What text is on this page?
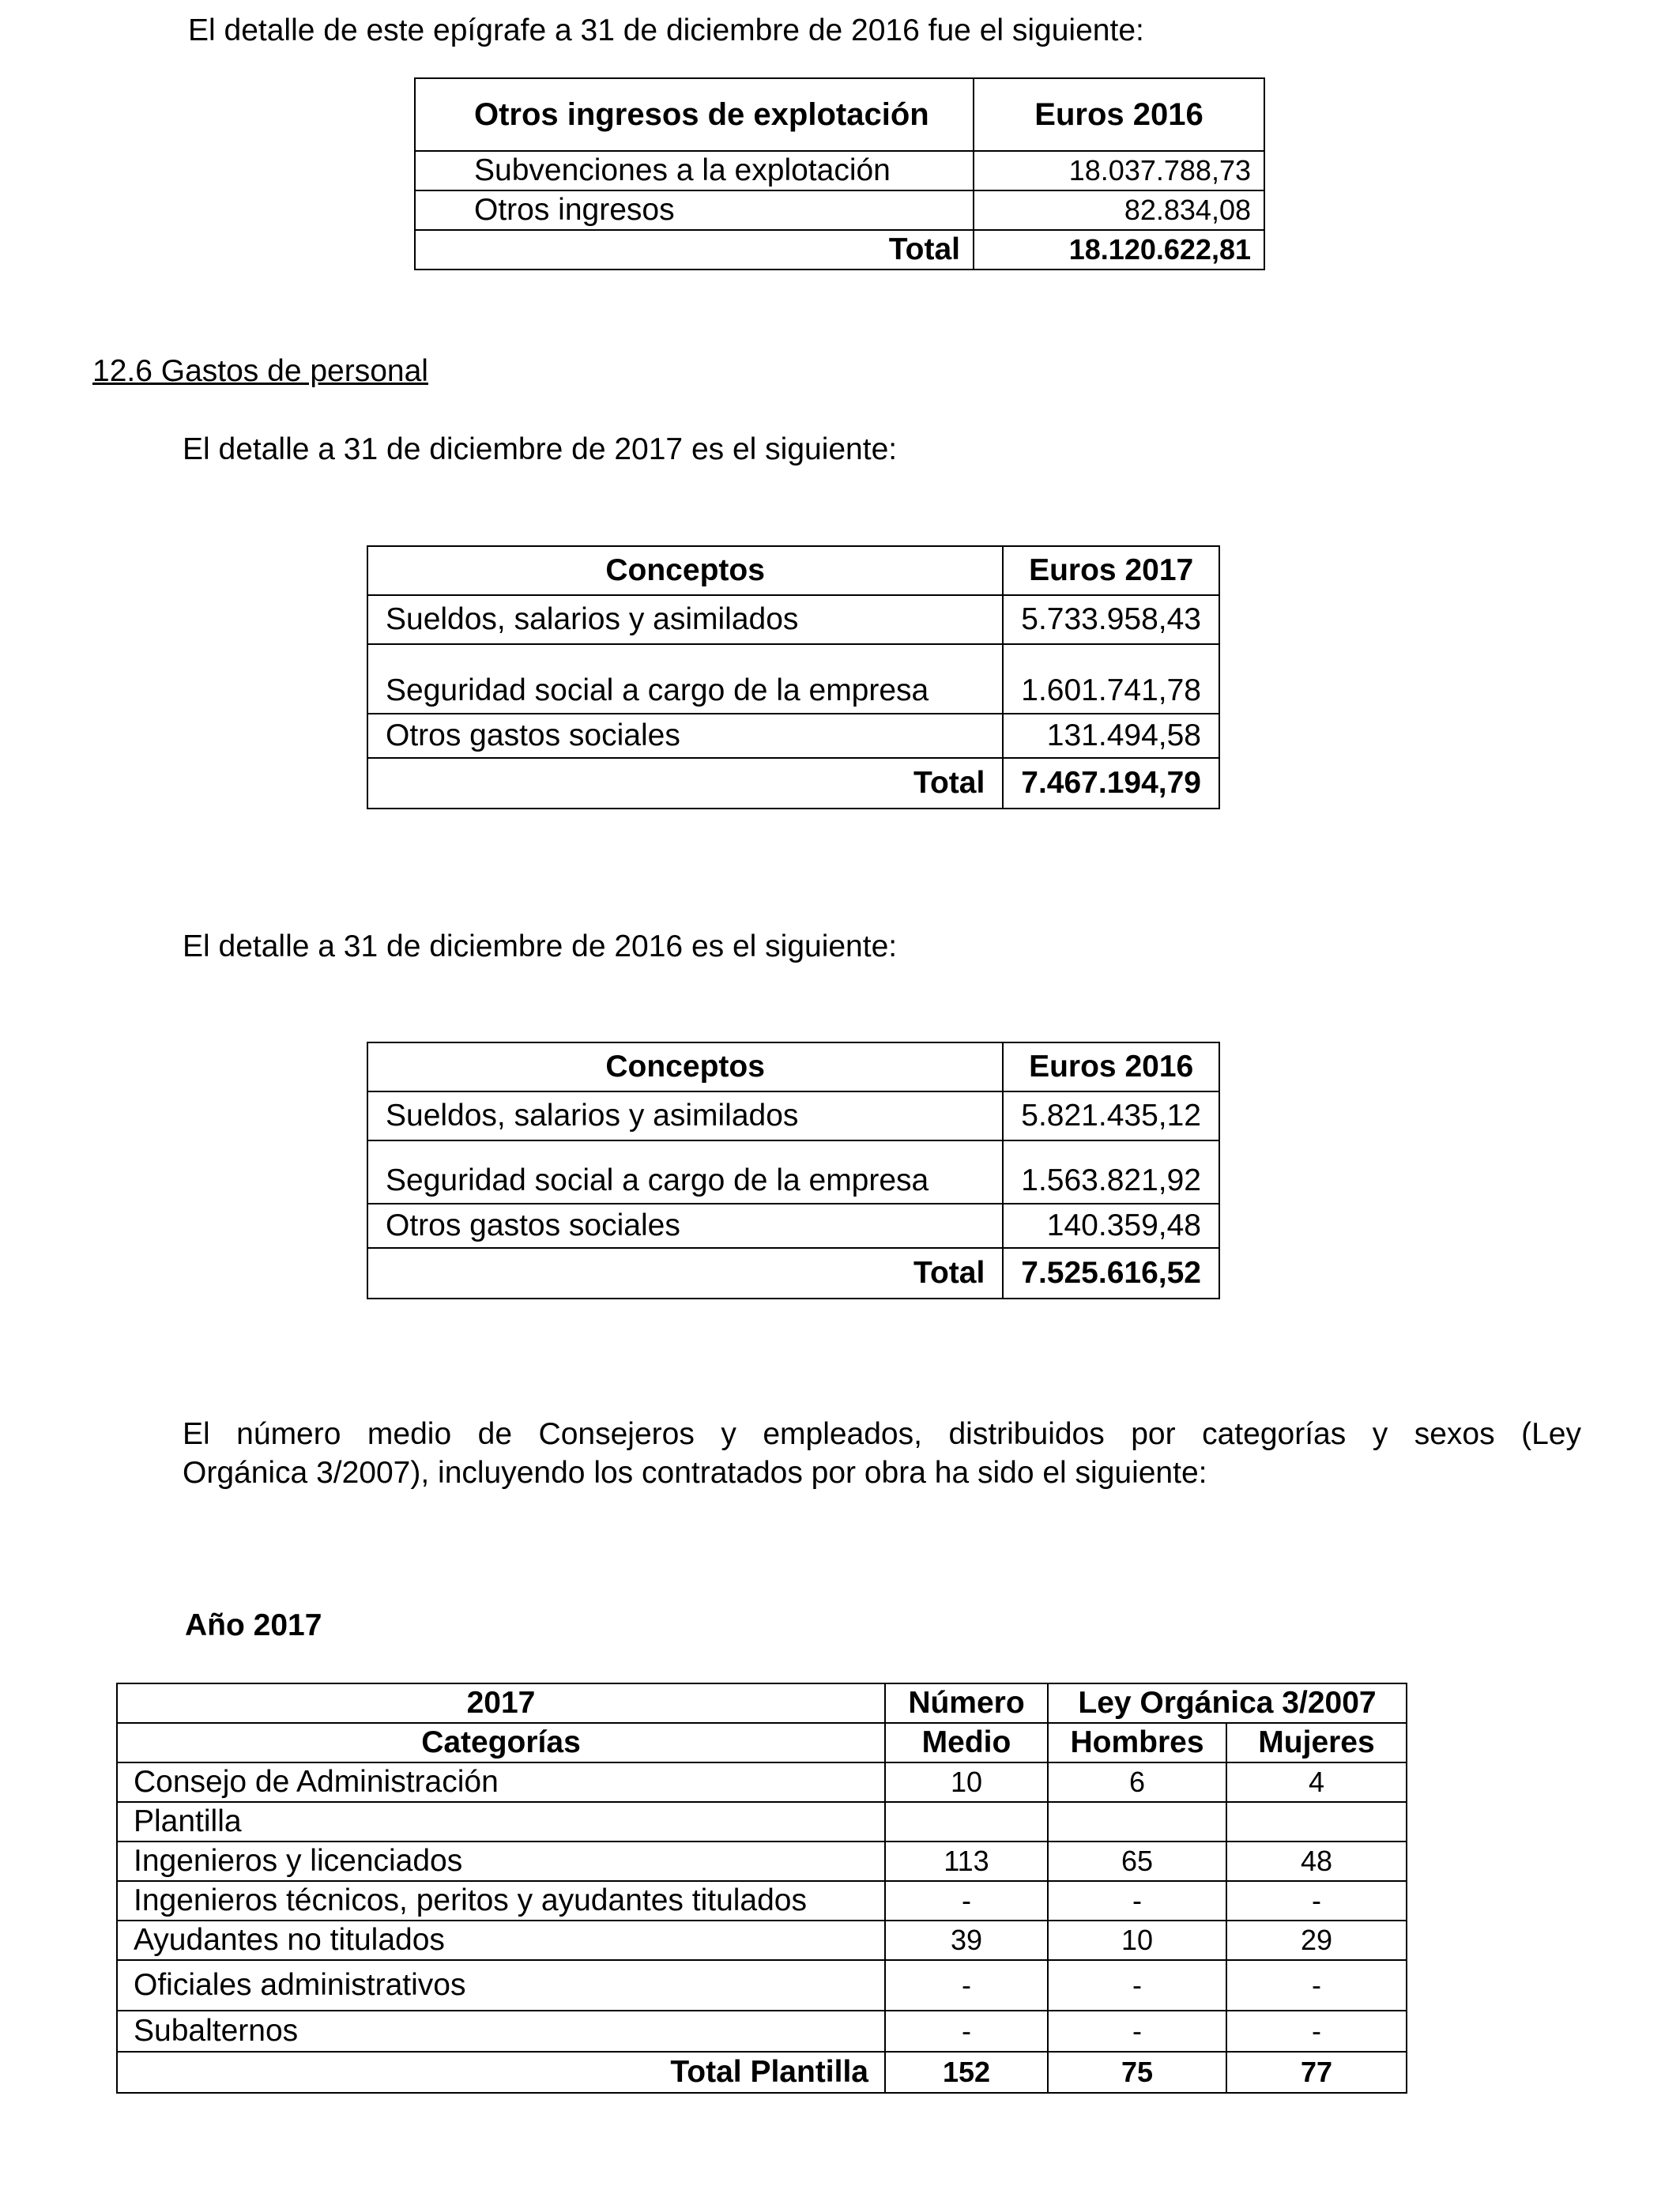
El detalle de este epígrafe a 31 de diciembre de 2016 fue el siguiente:
Otros ingresos de explotación	Euros 2016
Subvenciones a la explotación	18.037.788,73
Otros ingresos	82.834,08
Total	18.120.622,81
12.6 Gastos de personal
El detalle a 31 de diciembre de 2017 es el siguiente:
Conceptos	Euros 2017
Sueldos, salarios y asimilados	5.733.958,43
Seguridad social a cargo de la empresa	1.601.741,78
Otros gastos sociales	131.494,58
Total	7.467.194,79
El detalle a 31 de diciembre de 2016 es el siguiente:
Conceptos	Euros 2016
Sueldos, salarios y asimilados	5.821.435,12
Seguridad social a cargo de la empresa	1.563.821,92
Otros gastos sociales	140.359,48
Total	7.525.616,52
El número medio de Consejeros y empleados, distribuidos por categorías y sexos (Ley
Orgánica 3/2007), incluyendo los contratados por obra ha sido el siguiente:
Año 2017
2017	Número	Ley Orgánica 3/2007	
Categorías	Medio	Hombres	Mujeres
Consejo de Administración	10	6	4
Plantilla			
Ingenieros y licenciados	113	65	48
Ingenieros técnicos, peritos y ayudantes titulados	-	-	-
Ayudantes no titulados	39	10	29
Oficiales administrativos	-	-	-
Subalternos	-	-	-
Total Plantilla	152	75	77
